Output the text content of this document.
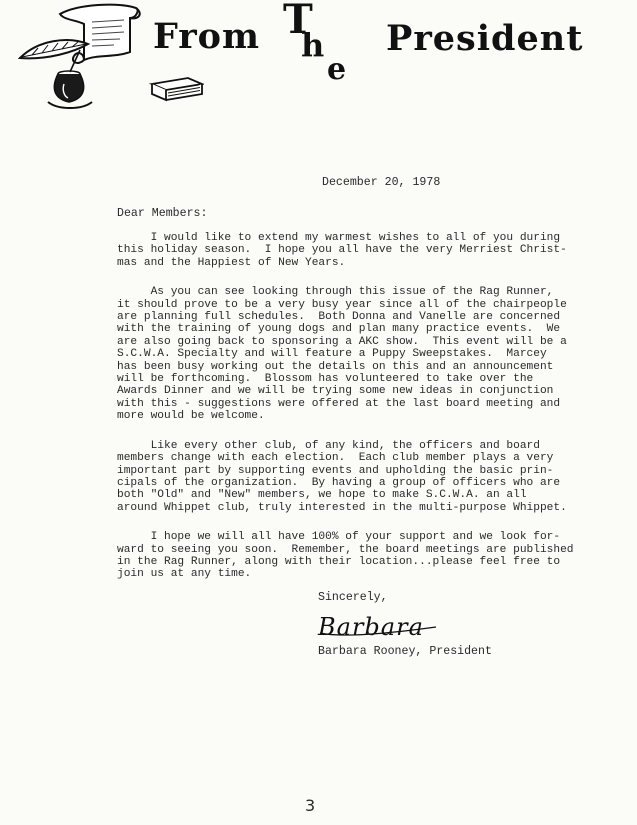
From T
h
e
President
December 20, 1978
Dear Members:

I would like to extend my warmest wishes to all of you during
this holiday season.  I hope you all have the very Merriest Christ-
mas and the Happiest of New Years.

As you can see looking through this issue of the Rag Runner,
it should prove to be a very busy year since all of the chairpeople
are planning full schedules.  Both Donna and Vanelle are concerned
with the training of young dogs and plan many practice events.  We
are also going back to sponsoring a AKC show.  This event will be a
S.C.W.A. Specialty and will feature a Puppy Sweepstakes.  Marcey
has been busy working out the details on this and an announcement
will be forthcoming.  Blossom has volunteered to take over the
Awards Dinner and we will be trying some new ideas in conjunction
with this - suggestions were offered at the last board meeting and
more would be welcome.

Like every other club, of any kind, the officers and board
members change with each election.  Each club member plays a very
important part by supporting events and upholding the basic prin-
cipals of the organization.  By having a group of officers who are
both "Old" and "New" members, we hope to make S.C.W.A. an all
around Whippet club, truly interested in the multi-purpose Whippet.

I hope we will all have 100% of your support and we look for-
ward to seeing you soon.  Remember, the board meetings are published
in the Rag Runner, along with their location...please feel free to
join us at any time.

Sincerely,
Barbara
Barbara Rooney, President
3
